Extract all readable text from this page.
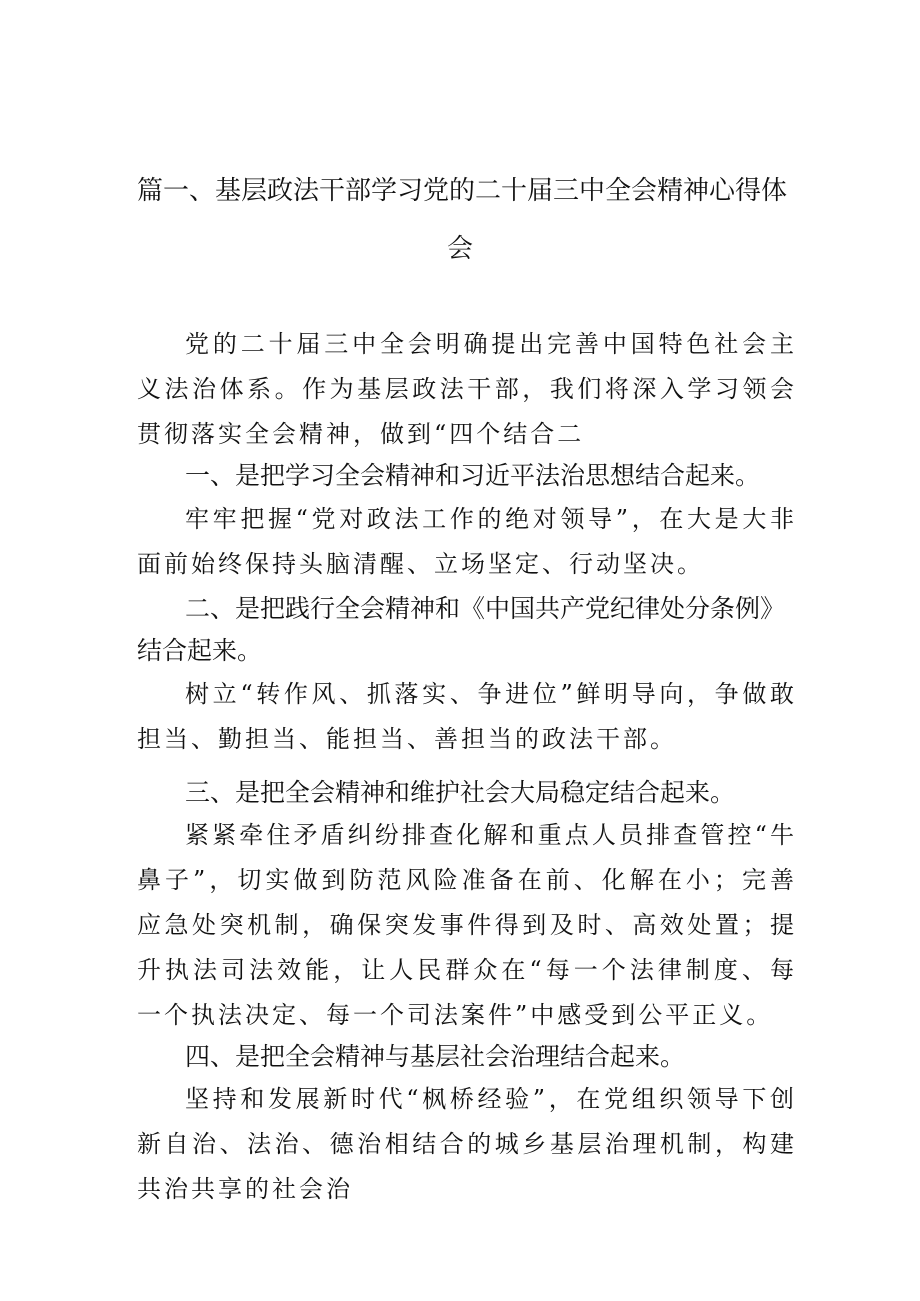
篇一、基层政法干部学习党的二十届三中全会精神心得体
会

党的二十届三中全会明确提出完善中国特色社会主义法治体系。作为基层政法干部，我们将深入学习领会贯彻落实全会精神，做到“四个结合二

一、是把学习全会精神和习近平法治思想结合起来。

牢牢把握“党对政法工作的绝对领导”，在大是大非面前始终保持头脑清醒、立场坚定、行动坚决。

二、是把践行全会精神和《中国共产党纪律处分条例》结合起来。

树立“转作风、抓落实、争进位”鲜明导向，争做敢担当、勤担当、能担当、善担当的政法干部。

三、是把全会精神和维护社会大局稳定结合起来。

紧紧牵住矛盾纠纷排查化解和重点人员排查管控“牛鼻子”，切实做到防范风险准备在前、化解在小；完善应急处突机制，确保突发事件得到及时、高效处置；提升执法司法效能，让人民群众在“每一个法律制度、每一个执法决定、每一个司法案件”中感受到公平正义。

四、是把全会精神与基层社会治理结合起来。

坚持和发展新时代“枫桥经验”，在党组织领导下创新自治、法治、德治相结合的城乡基层治理机制，构建共治共享的社会治
